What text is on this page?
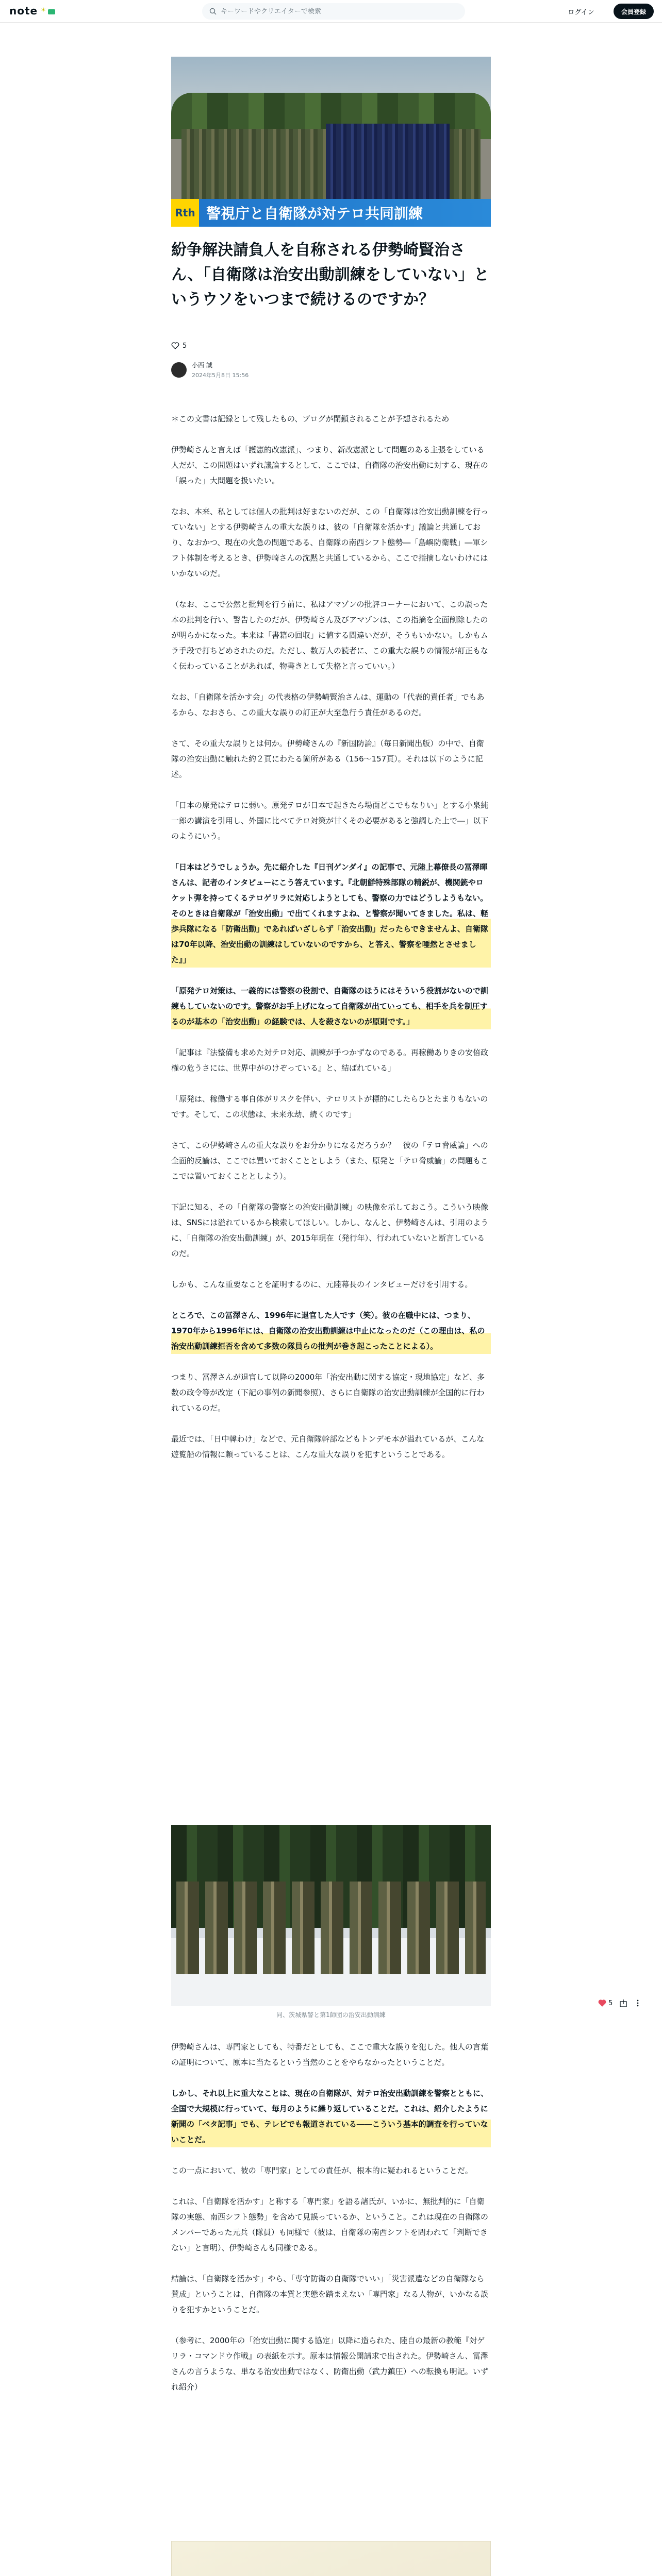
note ✶
キーワードやクリエイターで検索	ログイン	会員登録
Rth 警視庁と自衛隊が対テロ共同訓練
紛争解決請負人を自称される伊勢崎賢治さん、「自衛隊は治安出動訓練をしていない」というウソをいつまで続けるのですか？
5
小西 誠
2024年5月8日 15:56

＊この文書は記録として残したもの、ブログが閉鎖されることが予想されるため

伊勢崎さんと言えば「護憲的改憲派」、つまり、新改憲派として問題のある主張をしている人だが、この問題はいずれ議論するとして、ここでは、自衛隊の治安出動に対する、現在の「誤った」大問題を扱いたい。

なお、本来、私としては個人の批判は好まないのだが、この「自衛隊は治安出動訓練を行っていない」とする伊勢崎さんの重大な誤りは、彼の「自衛隊を活かす」議論と共通しており、なおかつ、現在の火急の問題である、自衛隊の南西シフト態勢―「島嶼防衛戦」―軍シフト体制を考えるとき、伊勢崎さんの沈黙と共通しているから、ここで指摘しないわけにはいかないのだ。

（なお、ここで公然と批判を行う前に、私はアマゾンの批評コーナーにおいて、この誤った本の批判を行い、警告したのだが、伊勢崎さん及びアマゾンは、この指摘を全面削除したのが明らかになった。本来は「書籍の回収」に値する間違いだが、そうもいかない。しかもムラ手段で打ちどめされたのだ。ただし、数万人の読者に、この重大な誤りの情報が訂正もなく伝わっていることがあれば、物書きとして失格と言っていい。）

なお、「自衛隊を活かす会」の代表格の伊勢崎賢治さんは、運動の「代表的責任者」でもあるから、なおさら、この重大な誤りの訂正が大至急行う責任があるのだ。

さて、その重大な誤りとは何か。伊勢崎さんの『新国防論』（毎日新聞出版）の中で、自衛隊の治安出動に触れた約２頁にわたる箇所がある（156〜157頁）。それは以下のように記述。

「日本の原発はテロに弱い。原発テロが日本で起きたら場面どこでもなりい」とする小泉純一郎の講演を引用し、外国に比べてテロ対策が甘くその必要があると強調した上で―」以下のようにいう。

「日本はどうでしょうか。先に紹介した『日刊ゲンダイ』の記事で、元陸上幕僚長の冨澤暉さんは、記者のインタビューにこう答えています。『北朝鮮特殊部隊の精鋭が、機関銃やロケット弾を持ってくるテロゲリラに対応しようとしても、警察の力ではどうしようもない。そのときは自衛隊が「治安出動」で出てくれますよね、と警察が聞いてきました。私は、軽歩兵隊になる「防衛出動」であればいざしらず「治安出動」だったらできませんよ、自衛隊は70年以降、治安出動の訓練はしていないのですから、と答え、警察を唖然とさせました』」

「原発テロ対策は、一義的には警察の役割で、自衛隊のほうにはそういう役割がないので訓練もしていないのです。警察がお手上げになって自衛隊が出ていっても、相手を兵を制圧するのが基本の「治安出動」の経験では、人を殺さないのが原則です。」

「記事は『法整備も求めた対テロ対応、訓練が手つかずなのである。再稼働ありきの安倍政権の危うさには、世界中がのけぞっている』と、結ばれている」

「原発は、稼働する事自体がリスクを伴い、テロリストが標的にしたらひとたまりもないのです。そして、この状態は、未来永劫、続くのです」

さて、この伊勢崎さんの重大な誤りをお分かりになるだろうか？　彼の「テロ脅威論」への全面的反論は、ここでは置いておくこととしよう（また、原発と「テロ脅威論」の問題もここでは置いておくこととしよう）。

下記に知る、その「自衛隊の警察との治安出動訓練」の映像を示しておこう。こういう映像は、SNSには溢れているから検索してほしい。しかし、なんと、伊勢崎さんは、引用のように、「自衛隊の治安出動訓練」が、2015年現在（発行年）、行われていないと断言しているのだ。

しかも、こんな重要なことを証明するのに、元陸幕長のインタビューだけを引用する。

ところで、この冨澤さん、1996年に退官した人です（笑）。彼の在職中には、つまり、1970年から1996年には、自衛隊の治安出動訓練は中止になったのだ（この理由は、私の治安出動訓練拒否を含めて多数の隊員らの批判が巻き起こったことによる）。

つまり、冨澤さんが退官して以降の2000年「治安出動に関する協定・現地協定」など、多数の政令等が改定（下記の事例の新聞参照）、さらに自衛隊の治安出動訓練が全国的に行われているのだ。

最近では、「日中韓わけ」などで、元自衛隊幹部などもトンデモ本が溢れているが、こんな遊覧船の情報に頼っていることは、こんな重大な誤りを犯すということである。

同、茨城県警と第1師団の治安出動訓練
5

伊勢崎さんは、専門家としても、特番だとしても、ここで重大な誤りを犯した。他人の言葉の証明について、原本に当たるという当然のことをやらなかったということだ。

しかし、それ以上に重大なことは、現在の自衛隊が、対テロ治安出動訓練を警察とともに、全国で大規模に行っていて、毎月のように繰り返していることだ。これは、紹介したように新聞の「ベタ記事」でも、テレビでも報道されている――こういう基本的調査を行っていないことだ。

この一点において、彼の「専門家」としての責任が、根本的に疑われるということだ。

これは、「自衛隊を活かす」と称する「専門家」を語る諸氏が、いかに、無批判的に「自衛隊の実態、南西シフト態勢」を含めて見誤っているか、ということ。これは現在の自衛隊のメンバーであった元兵（隊員）も同様で（彼は、自衛隊の南西シフトを問われて「判断できない」と言明）、伊勢崎さんも同様である。

結論は、「自衛隊を活かす」やら、「専守防衛の自衛隊でいい」「災害派遣などの自衛隊なら賛成」ということは、自衛隊の本質と実態を踏まえない「専門家」なる人物が、いかなる誤りを犯すかということだ。

（参考に、2000年の「治安出動に関する協定」以降に造られた、陸自の最新の教範『対ゲリラ・コマンドウ作戦』の表紙を示す。原本は情報公開請求で出された。伊勢崎さん、冨澤さんの言うような、単なる治安出動ではなく、防衛出動（武力鎮圧）への転換も明記。いずれ紹介）
